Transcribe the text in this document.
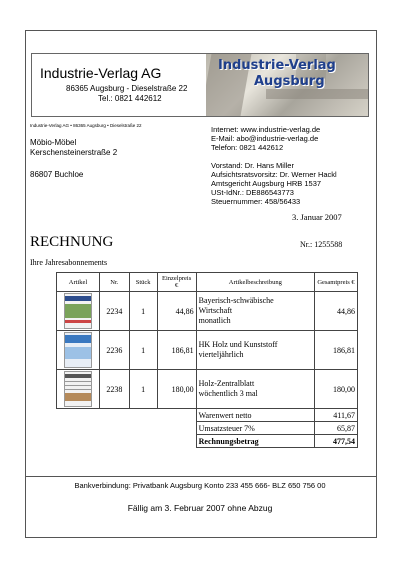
Industrie-Verlag AG
86365 Augsburg - Dieselstraße 22
Tel.: 0821 442612
Industrie-Verlag
Augsburg
Industrie-Verlag AG • 86365 Augsburg • Dieselstraße 22
Möbio-Möbel
Kerschensteinerstraße 2
86807 Buchloe
Internet: www.industrie-verlag.de
E-Mail: abo@industrie-verlag.de
Telefon: 0821 442612
Vorstand: Dr. Hans Miller
Aufsichtsratsvorsitz: Dr. Werner Hackl
Amtsgericht Augsburg HRB 1537
USt-IdNr.: DE886543773
Steuernummer: 458/56433
3. Januar 2007
RECHNUNG	Nr.: 1255588
Ihre Jahresabonnements
Artikel	Nr.	Stück	Einzelpreis €	Artikelbeschreibung	Gesamtpreis €

	2234	1	44,86	Bayerisch-schwäbische
Wirtschaft
monatlich	44,86

	2236	1	186,81	HK Holz und Kunststoff
vierteljährlich	186,81

	2238	1	180,00	Holz-Zentralblatt
wöchentlich 3 mal	180,00
				Warenwert netto	411,67
				Umsatzsteuer 7%	65,87
				Rechnungsbetrag	477,54
Bankverbindung: Privatbank Augsburg Konto 233 455 666- BLZ 650 756 00
Fällig am 3. Februar 2007 ohne Abzug
